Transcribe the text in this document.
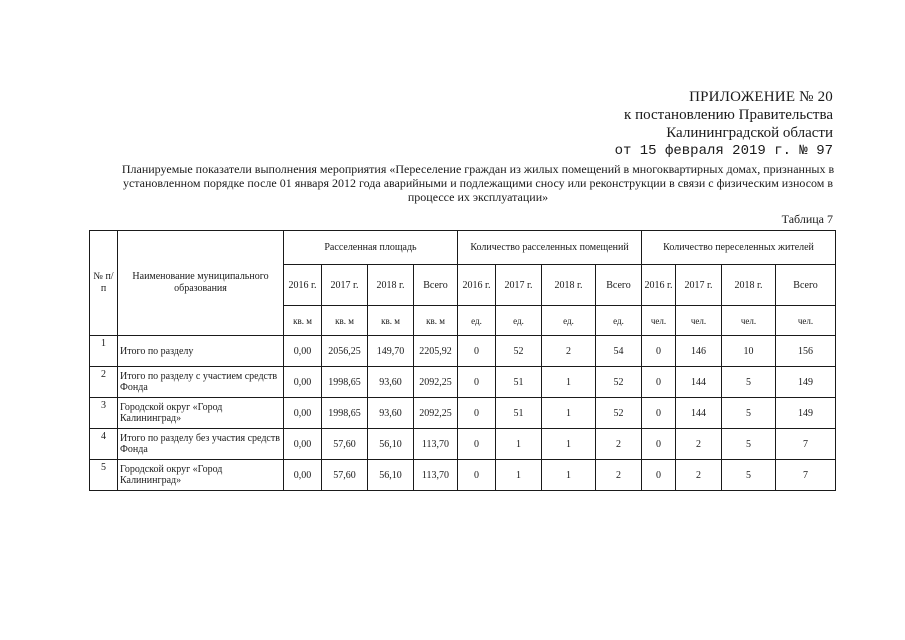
ПРИЛОЖЕНИЕ № 20
к постановлению Правительства
Калининградской области
от 15 февраля 2019 г. № 97
Планируемые показатели выполнения мероприятия «Переселение граждан из жилых помещений в многоквартирных домах, признанных в установленном порядке после 01 января 2012 года аварийными и подлежащими сносу или реконструкции в связи с физическим износом в процессе их эксплуатации»
Таблица 7
№ п/п	Наименование муниципального образования	Расселенная площадь				Количество расселенных помещений				Количество переселенных жителей			
		2016 г.	2017 г.	2018 г.	Всего	2016 г.	2017 г.	2018 г.	Всего	2016 г.	2017 г.	2018 г.	Всего
		кв. м	кв. м	кв. м	кв. м	ед.	ед.	ед.	ед.	чел.	чел.	чел.	чел.
1	Итого по разделу	0,00	2056,25	149,70	2205,92	0	52	2	54	0	146	10	156
2	Итого по разделу с участием средств Фонда	0,00	1998,65	93,60	2092,25	0	51	1	52	0	144	5	149
3	Городской округ «Город Калининград»	0,00	1998,65	93,60	2092,25	0	51	1	52	0	144	5	149
4	Итого по разделу без участия средств Фонда	0,00	57,60	56,10	113,70	0	1	1	2	0	2	5	7
5	Городской округ «Город Калининград»	0,00	57,60	56,10	113,70	0	1	1	2	0	2	5	7
